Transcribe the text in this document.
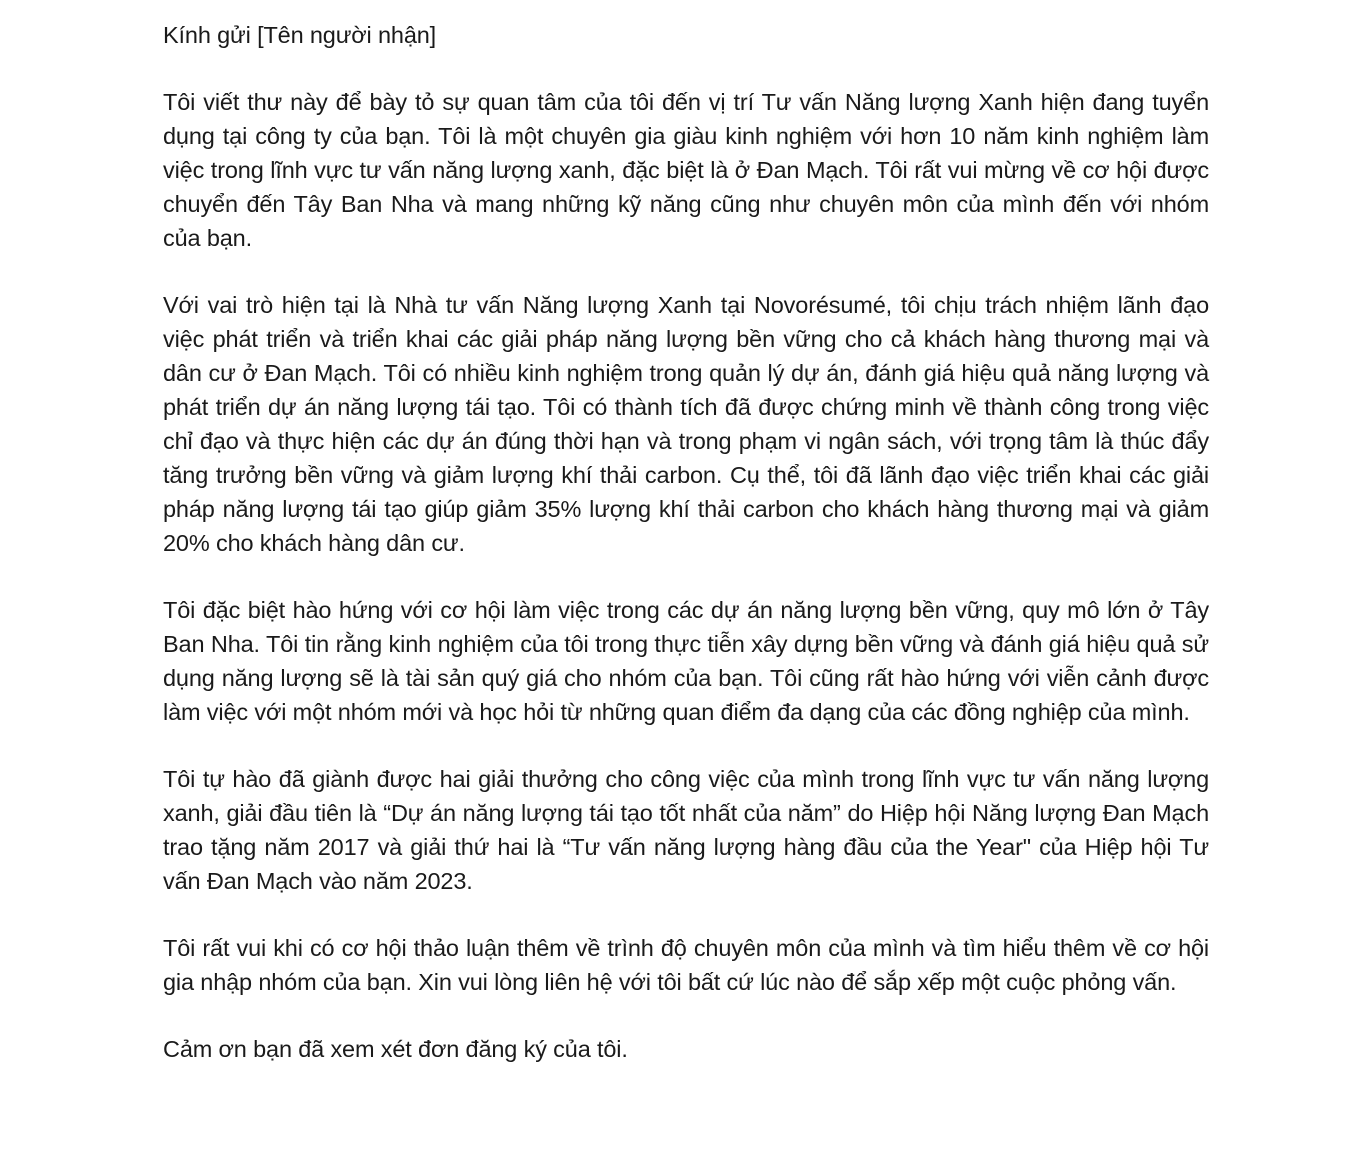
Kính gửi [Tên người nhận]

Tôi viết thư này để bày tỏ sự quan tâm của tôi đến vị trí Tư vấn Năng lượng Xanh hiện đang tuyển dụng tại công ty của bạn. Tôi là một chuyên gia giàu kinh nghiệm với hơn 10 năm kinh nghiệm làm việc trong lĩnh vực tư vấn năng lượng xanh, đặc biệt là ở Đan Mạch. Tôi rất vui mừng về cơ hội được chuyển đến Tây Ban Nha và mang những kỹ năng cũng như chuyên môn của mình đến với nhóm của bạn.

Với vai trò hiện tại là Nhà tư vấn Năng lượng Xanh tại Novorésumé, tôi chịu trách nhiệm lãnh đạo việc phát triển và triển khai các giải pháp năng lượng bền vững cho cả khách hàng thương mại và dân cư ở Đan Mạch. Tôi có nhiều kinh nghiệm trong quản lý dự án, đánh giá hiệu quả năng lượng và phát triển dự án năng lượng tái tạo. Tôi có thành tích đã được chứng minh về thành công trong việc chỉ đạo và thực hiện các dự án đúng thời hạn và trong phạm vi ngân sách, với trọng tâm là thúc đẩy tăng trưởng bền vững và giảm lượng khí thải carbon. Cụ thể, tôi đã lãnh đạo việc triển khai các giải pháp năng lượng tái tạo giúp giảm 35% lượng khí thải carbon cho khách hàng thương mại và giảm 20% cho khách hàng dân cư.

Tôi đặc biệt hào hứng với cơ hội làm việc trong các dự án năng lượng bền vững, quy mô lớn ở Tây Ban Nha. Tôi tin rằng kinh nghiệm của tôi trong thực tiễn xây dựng bền vững và đánh giá hiệu quả sử dụng năng lượng sẽ là tài sản quý giá cho nhóm của bạn. Tôi cũng rất hào hứng với viễn cảnh được làm việc với một nhóm mới và học hỏi từ những quan điểm đa dạng của các đồng nghiệp của mình.

Tôi tự hào đã giành được hai giải thưởng cho công việc của mình trong lĩnh vực tư vấn năng lượng xanh, giải đầu tiên là “Dự án năng lượng tái tạo tốt nhất của năm” do Hiệp hội Năng lượng Đan Mạch trao tặng năm 2017 và giải thứ hai là “Tư vấn năng lượng hàng đầu của the Year" của Hiệp hội Tư vấn Đan Mạch vào năm 2023.

Tôi rất vui khi có cơ hội thảo luận thêm về trình độ chuyên môn của mình và tìm hiểu thêm về cơ hội gia nhập nhóm của bạn. Xin vui lòng liên hệ với tôi bất cứ lúc nào để sắp xếp một cuộc phỏng vấn.

Cảm ơn bạn đã xem xét đơn đăng ký của tôi.
